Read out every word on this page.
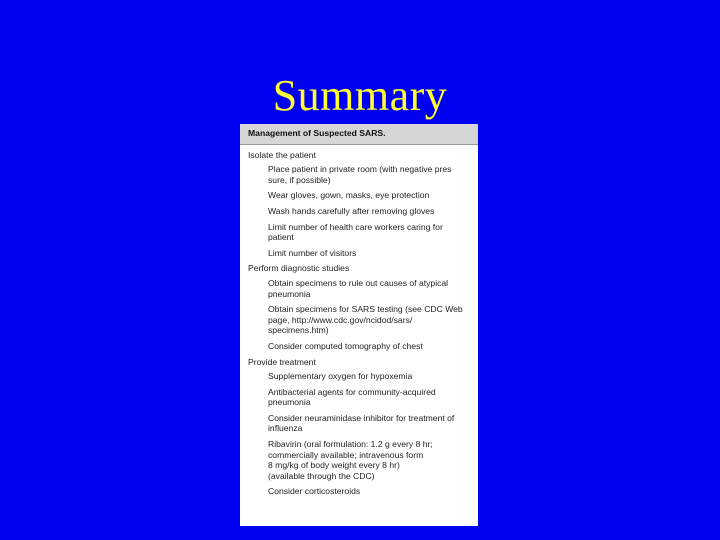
Summary
Management of Suspected SARS.
Isolate the patient
Place patient in private room (with negative pres
sure, if possible)
Wear gloves, gown, masks, eye protection
Wash hands carefully after removing gloves
Limit number of health care workers caring for
patient
Limit number of visitors
Perform diagnostic studies
Obtain specimens to rule out causes of atypical
pneumonia
Obtain specimens for SARS testing (see CDC Web
page, http://www.cdc.gov/ncidod/sars/
specimens.htm)
Consider computed tomography of chest
Provide treatment
Supplementary oxygen for hypoxemia
Antibacterial agents for community-acquired
pneumonia
Consider neuraminidase inhibitor for treatment of
influenza
Ribavirin (oral formulation: 1.2 g every 8 hr;
commercially available; intravenous form
8 mg/kg of body weight every 8 hr)
(available through the CDC)
Consider corticosteroids
